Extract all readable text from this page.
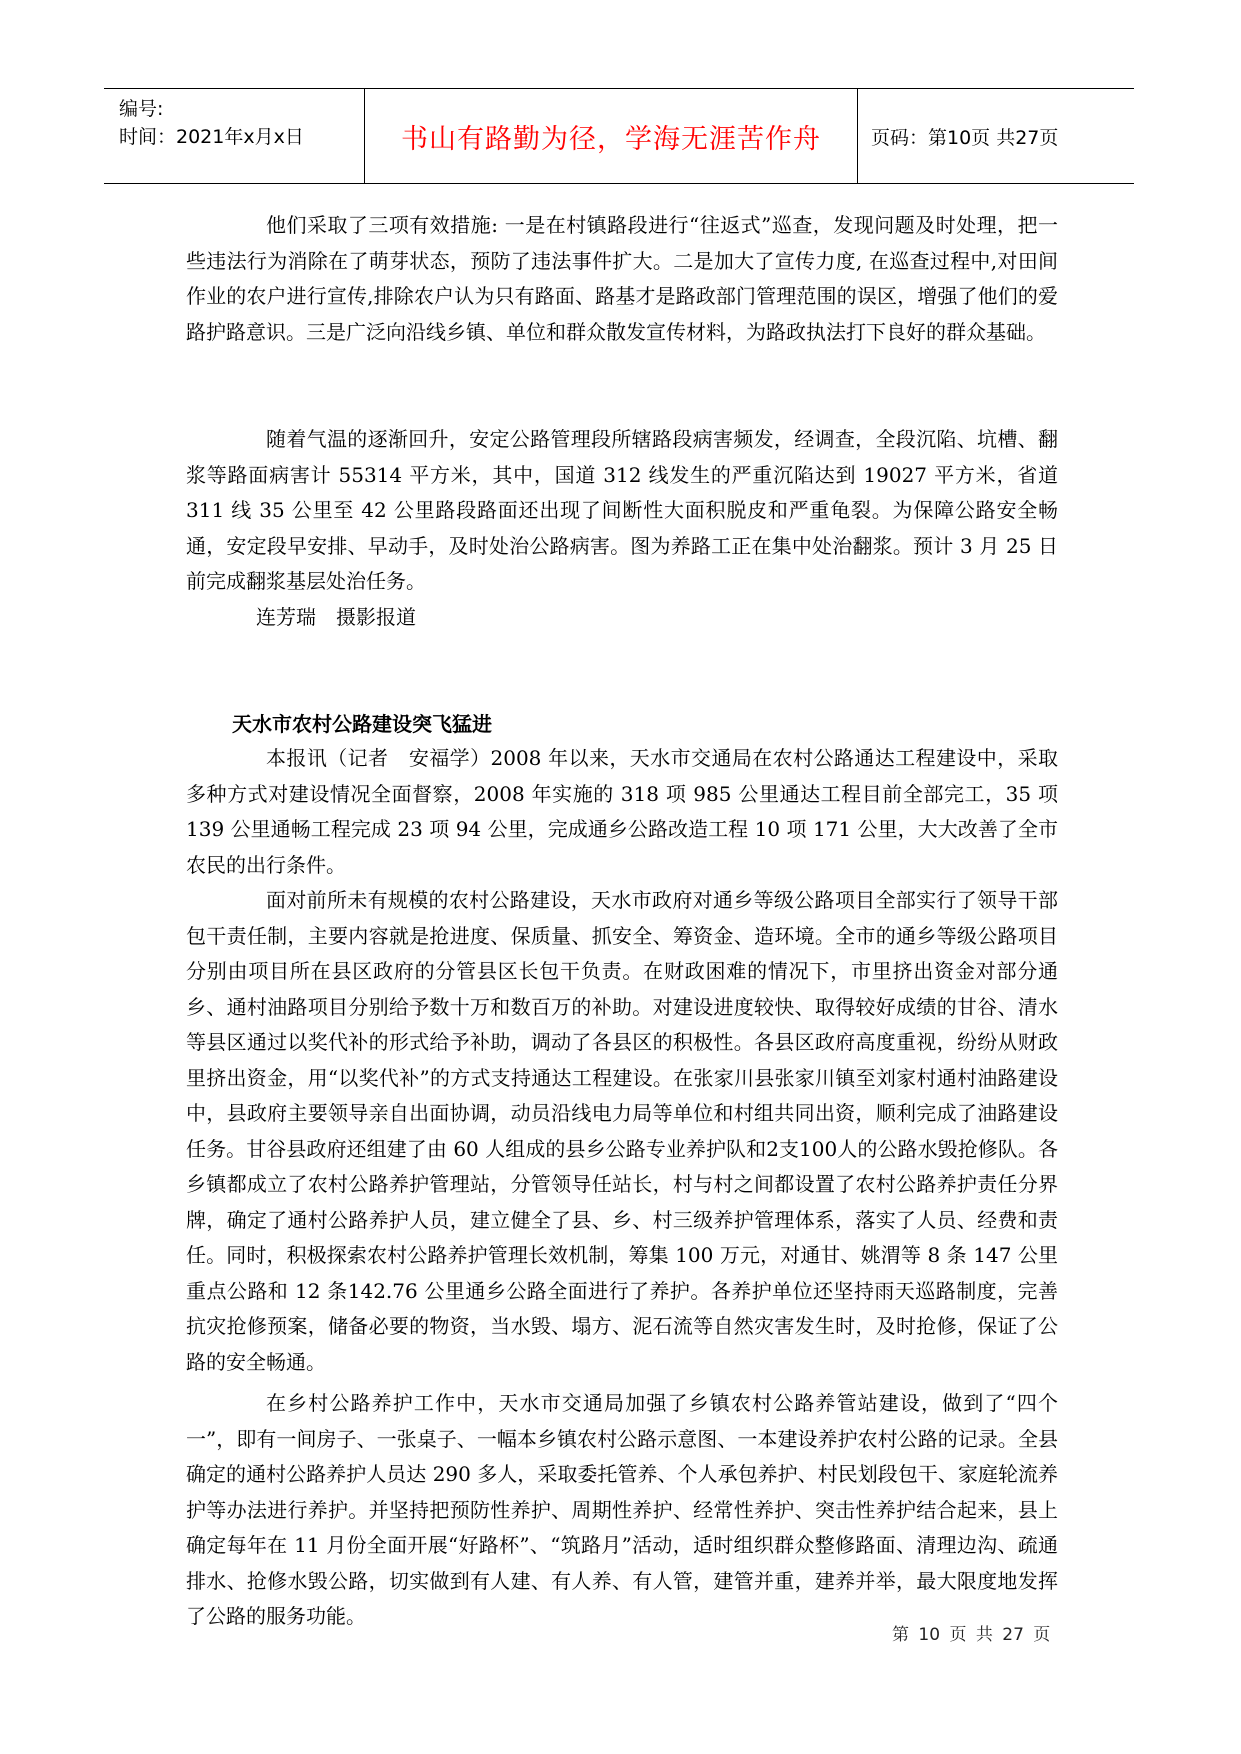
编号:
时间：2021年x月x日	书山有路勤为径，学海无涯苦作舟	页码：第10页 共27页

他们采取了三项有效措施: 一是在村镇路段进行“往返式”巡查，发现问题及时处理，把一些违法行为消除在了萌芽状态，预防了违法事件扩大。二是加大了宣传力度, 在巡查过程中,对田间作业的农户进行宣传,排除农户认为只有路面、路基才是路政部门管理范围的误区，增强了他们的爱路护路意识。三是广泛向沿线乡镇、单位和群众散发宣传材料，为路政执法打下良好的群众基础。

随着气温的逐渐回升，安定公路管理段所辖路段病害频发，经调查，全段沉陷、坑槽、翻浆等路面病害计 55314 平方米，其中，国道 312 线发生的严重沉陷达到 19027 平方米，省道 311 线 35 公里至 42 公里路段路面还出现了间断性大面积脱皮和严重龟裂。为保障公路安全畅通，安定段早安排、早动手，及时处治公路病害。图为养路工正在集中处治翻浆。预计 3 月 25 日前完成翻浆基层处治任务。

连芳瑞　摄影报道

天水市农村公路建设突飞猛进

本报讯（记者　安福学）2008 年以来，天水市交通局在农村公路通达工程建设中，采取多种方式对建设情况全面督察，2008 年实施的 318 项 985 公里通达工程目前全部完工，35 项 139 公里通畅工程完成 23 项 94 公里，完成通乡公路改造工程 10 项 171 公里，大大改善了全市农民的出行条件。

面对前所未有规模的农村公路建设，天水市政府对通乡等级公路项目全部实行了领导干部包干责任制，主要内容就是抢进度、保质量、抓安全、筹资金、造环境。全市的通乡等级公路项目分别由项目所在县区政府的分管县区长包干负责。在财政困难的情况下，市里挤出资金对部分通乡、通村油路项目分别给予数十万和数百万的补助。对建设进度较快、取得较好成绩的甘谷、清水等县区通过以奖代补的形式给予补助，调动了各县区的积极性。各县区政府高度重视，纷纷从财政里挤出资金，用“以奖代补”的方式支持通达工程建设。在张家川县张家川镇至刘家村通村油路建设中，县政府主要领导亲自出面协调，动员沿线电力局等单位和村组共同出资，顺利完成了油路建设任务。甘谷县政府还组建了由 60 人组成的县乡公路专业养护队和2支100人的公路水毁抢修队。各乡镇都成立了农村公路养护管理站，分管领导任站长，村与村之间都设置了农村公路养护责任分界牌，确定了通村公路养护人员，建立健全了县、乡、村三级养护管理体系，落实了人员、经费和责任。同时，积极探索农村公路养护管理长效机制，筹集 100 万元，对通甘、姚渭等 8 条 147 公里重点公路和 12 条142.76 公里通乡公路全面进行了养护。各养护单位还坚持雨天巡路制度，完善抗灾抢修预案，储备必要的物资，当水毁、塌方、泥石流等自然灾害发生时，及时抢修，保证了公路的安全畅通。

在乡村公路养护工作中，天水市交通局加强了乡镇农村公路养管站建设，做到了“四个一”，即有一间房子、一张桌子、一幅本乡镇农村公路示意图、一本建设养护农村公路的记录。全县确定的通村公路养护人员达 290 多人，采取委托管养、个人承包养护、村民划段包干、家庭轮流养护等办法进行养护。并坚持把预防性养护、周期性养护、经常性养护、突击性养护结合起来，县上确定每年在 11 月份全面开展“好路杯”、“筑路月”活动，适时组织群众整修路面、清理边沟、疏通排水、抢修水毁公路，切实做到有人建、有人养、有人管，建管并重，建养并举，最大限度地发挥了公路的服务功能。

第 10 页 共 27 页
